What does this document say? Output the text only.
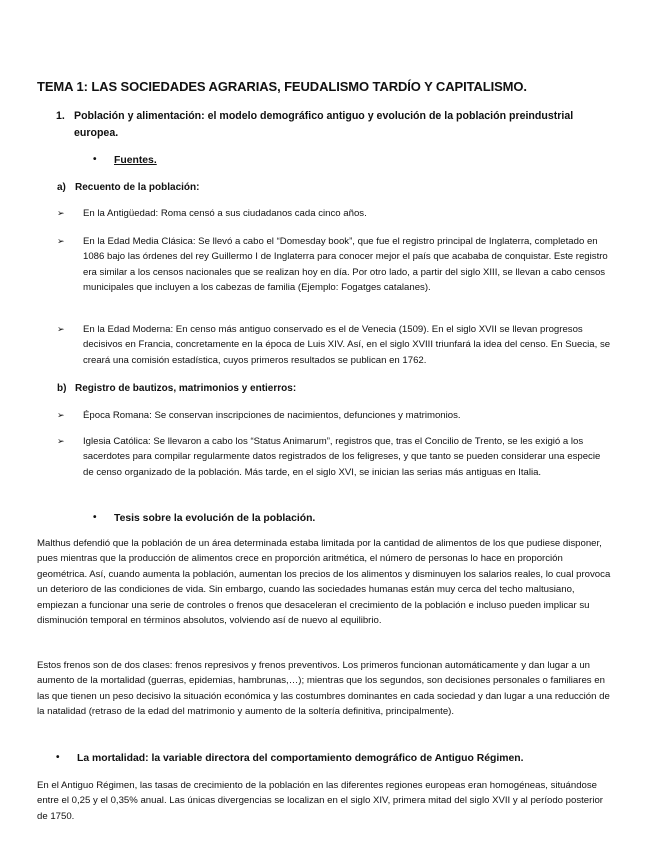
TEMA 1: LAS SOCIEDADES AGRARIAS, FEUDALISMO TARDÍO Y CAPITALISMO.
1. Población y alimentación: el modelo demográfico antiguo y evolución de la población preindustrial europea.
• Fuentes.
a) Recuento de la población:
➢ En la Antigüedad: Roma censó a sus ciudadanos cada cinco años.
➢ En la Edad Media Clásica: Se llevó a cabo el “Domesday book”, que fue el registro principal de Inglaterra, completado en 1086 bajo las órdenes del rey Guillermo I de Inglaterra para conocer mejor el país que acababa de conquistar. Este registro era similar a los censos nacionales que se realizan hoy en día. Por otro lado, a partir del siglo XIII, se llevan a cabo censos municipales que incluyen a los cabezas de familia (Ejemplo: Fogatges catalanes).
➢ En la Edad Moderna: En censo más antiguo conservado es el de Venecia (1509). En el siglo XVII se llevan progresos decisivos en Francia, concretamente en la época de Luis XIV. Así, en el siglo XVIII triunfará la idea del censo. En Suecia, se creará una comisión estadística, cuyos primeros resultados se publican en 1762.
b) Registro de bautizos, matrimonios y entierros:
➢ Época Romana: Se conservan inscripciones de nacimientos, defunciones y matrimonios.
➢ Iglesia Católica: Se llevaron a cabo los “Status Animarum”, registros que, tras el Concilio de Trento, se les exigió a los sacerdotes para compilar regularmente datos registrados de los feligreses, y que tanto se pueden considerar una especie de censo organizado de la población. Más tarde, en el siglo XVI, se inician las serias más antiguas en Italia.
• Tesis sobre la evolución de la población.
Malthus defendió que la población de un área determinada estaba limitada por la cantidad de alimentos de los que pudiese disponer, pues mientras que la producción de alimentos crece en proporción aritmética, el número de personas lo hace en proporción geométrica. Así, cuando aumenta la población, aumentan los precios de los alimentos y disminuyen los salarios reales, lo cual provoca un deterioro de las condiciones de vida. Sin embargo, cuando las sociedades humanas están muy cerca del techo maltusiano, empiezan a funcionar una serie de controles o frenos que desaceleran el crecimiento de la población e incluso pueden implicar su disminución temporal en términos absolutos, volviendo así de nuevo al equilibrio.
Estos frenos son de dos clases: frenos represivos y frenos preventivos. Los primeros funcionan automáticamente y dan lugar a un aumento de la mortalidad (guerras, epidemias, hambrunas,…); mientras que los segundos, son decisiones personales o familiares en las que tienen un peso decisivo la situación económica y las costumbres dominantes en cada sociedad y dan lugar a una reducción de la natalidad (retraso de la edad del matrimonio y aumento de la soltería definitiva, principalmente).
• La mortalidad: la variable directora del comportamiento demográfico de Antiguo Régimen.
En el Antiguo Régimen, las tasas de crecimiento de la población en las diferentes regiones europeas eran homogéneas, situándose entre el 0,25 y el 0,35% anual. Las únicas divergencias se localizan en el siglo XIV, primera mitad del siglo XVII y al período posterior de 1750.
